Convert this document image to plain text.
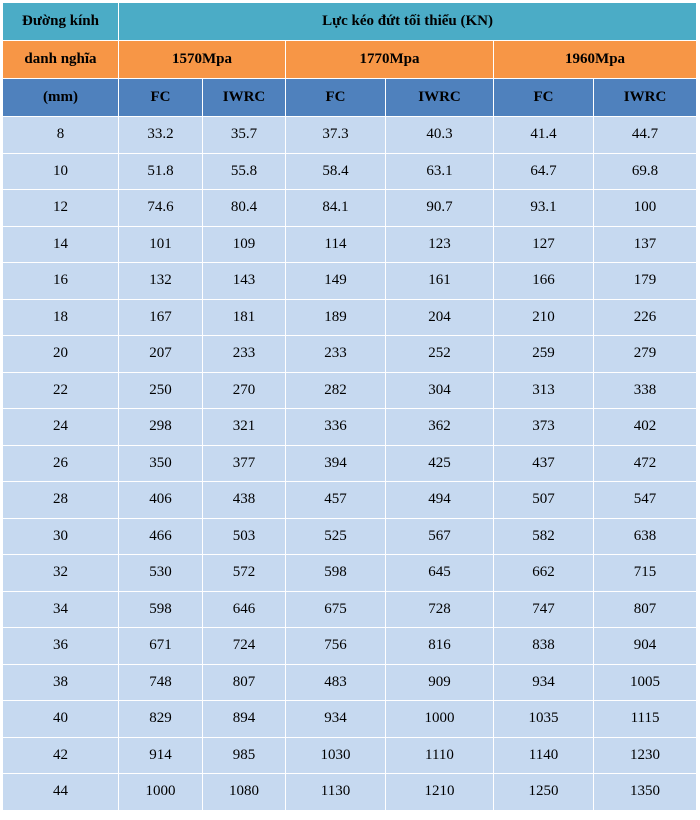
Đường kính	Lực kéo đứt tối thiểu (KN)					
danh nghĩa	1570Mpa		1770Mpa		1960Mpa	
(mm)	FC	IWRC	FC	IWRC	FC	IWRC
8	33.2	35.7	37.3	40.3	41.4	44.7
10	51.8	55.8	58.4	63.1	64.7	69.8
12	74.6	80.4	84.1	90.7	93.1	100
14	101	109	114	123	127	137
16	132	143	149	161	166	179
18	167	181	189	204	210	226
20	207	233	233	252	259	279
22	250	270	282	304	313	338
24	298	321	336	362	373	402
26	350	377	394	425	437	472
28	406	438	457	494	507	547
30	466	503	525	567	582	638
32	530	572	598	645	662	715
34	598	646	675	728	747	807
36	671	724	756	816	838	904
38	748	807	483	909	934	1005
40	829	894	934	1000	1035	1115
42	914	985	1030	1110	1140	1230
44	1000	1080	1130	1210	1250	1350
